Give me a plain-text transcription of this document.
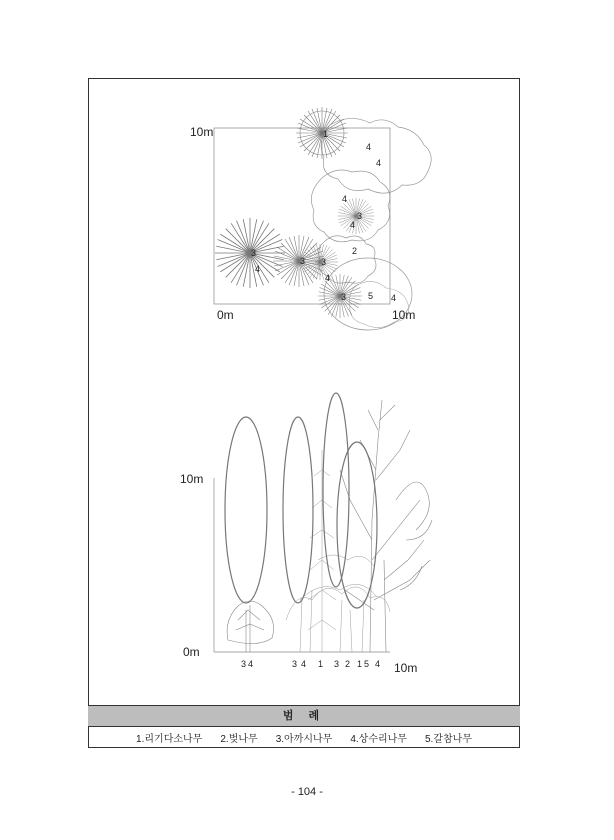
1
4
4
4
3
4
3
4
2
3 3
4
3 5 4
10m
0m	10m
10m
0m
10m
3 4	3 4 1 3 2 1 5 4
범 례
1.리기다소나무 2.벚나무 3.아까시나무 4.상수리나무 5.갈참나무
- 104 -
